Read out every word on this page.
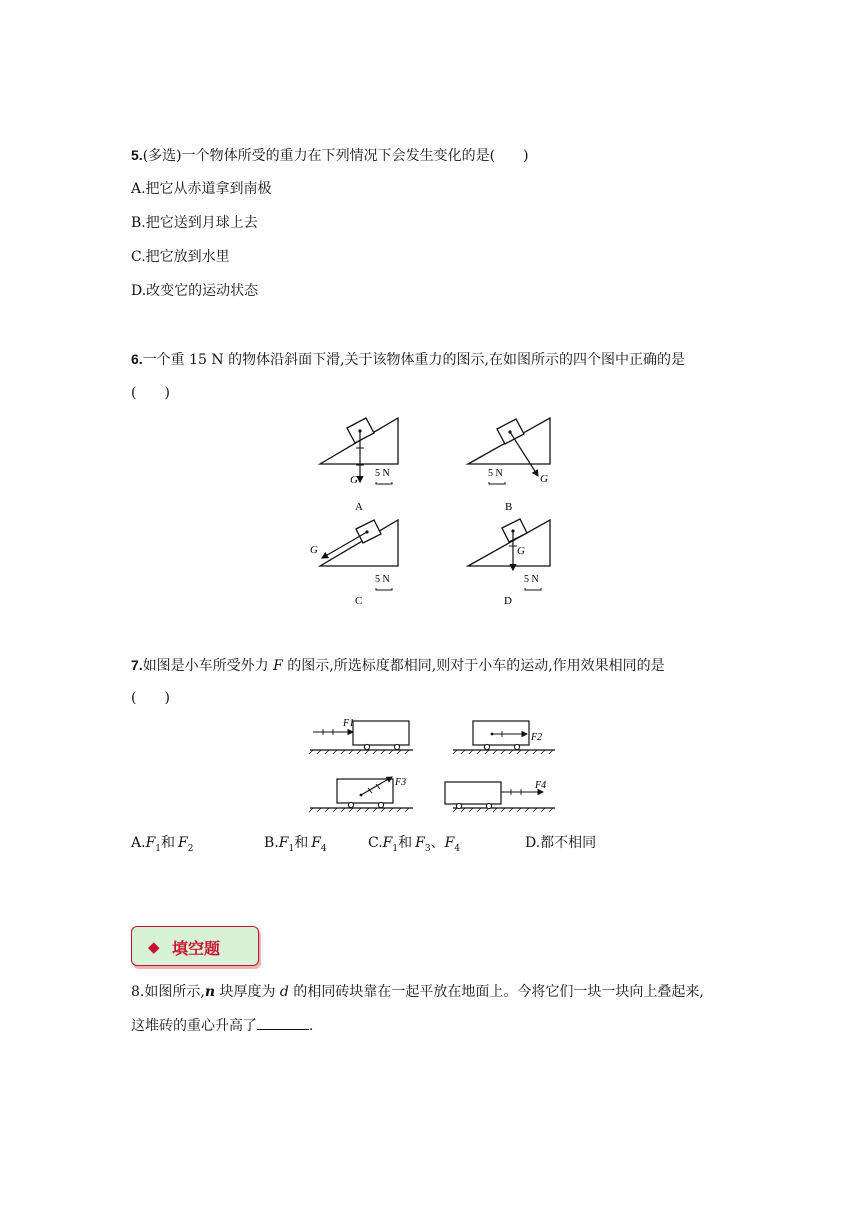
5.(多选)一个物体所受的重力在下列情况下会发生变化的是(　　)
A.把它从赤道拿到南极
B.把它送到月球上去
C.把它放到水里
D.改变它的运动状态
6.一个重 15 N 的物体沿斜面下滑,关于该物体重力的图示,在如图所示的四个图中正确的是
(　　)
G
5 N
A
G
5 N
B
G
5 N
C
G
5 N
D
7.如图是小车所受外力 F 的图示,所选标度都相同,则对于小车的运动,作用效果相同的是
(　　)
F1
F2
F3	F4
$A.F_1$和 $F_2$	$B.F_1$和 $F_4$	$C.F_1$和 $F_3$、$F_4$	D.都不相同
◆ 填空题
8.如图所示,n 块厚度为 d 的相同砖块靠在一起平放在地面上。今将它们一块一块向上叠起来,
这堆砖的重心升高了	.
